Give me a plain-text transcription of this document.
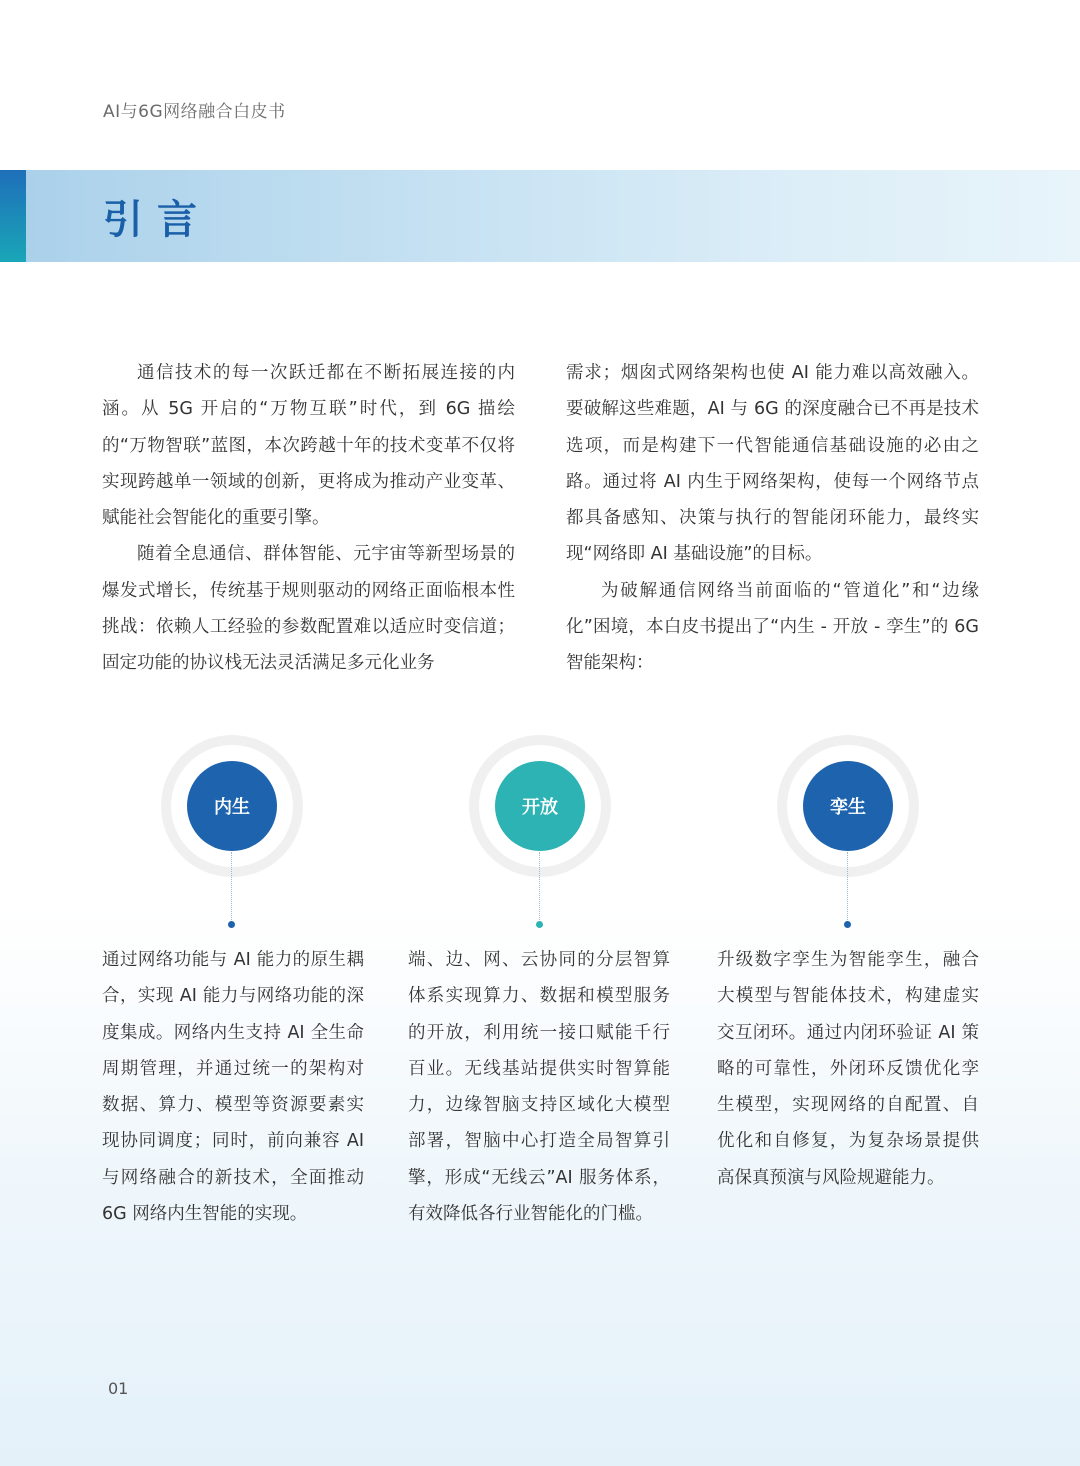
AI与6G网络融合白皮书
引言

通信技术的每一次跃迁都在不断拓展连接的内涵。从 5G 开启的“万物互联”时代，到 6G 描绘的“万物智联”蓝图，本次跨越十年的技术变革不仅将实现跨越单一领域的创新，更将成为推动产业变革、赋能社会智能化的重要引擎。

随着全息通信、群体智能、元宇宙等新型场景的爆发式增长，传统基于规则驱动的网络正面临根本性挑战：依赖人工经验的参数配置难以适应时变信道；固定功能的协议栈无法灵活满足多元化业务

需求；烟囱式网络架构也使 AI 能力难以高效融入。要破解这些难题，AI 与 6G 的深度融合已不再是技术选项，而是构建下一代智能通信基础设施的必由之路。通过将 AI 内生于网络架构，使每一个网络节点都具备感知、决策与执行的智能闭环能力，最终实现“网络即 AI 基础设施”的目标。

为破解通信网络当前面临的“管道化”和“边缘化”困境，本白皮书提出了“内生 - 开放 - 孪生”的 6G 智能架构：

内生	开放	孪生
通过网络功能与 AI 能力的原生耦合，实现 AI 能力与网络功能的深度集成。网络内生支持 AI 全生命周期管理，并通过统一的架构对数据、算力、模型等资源要素实现协同调度；同时，前向兼容 AI 与网络融合的新技术，全面推动 6G 网络内生智能的实现。
端、边、网、云协同的分层智算体系实现算力、数据和模型服务的开放，利用统一接口赋能千行百业。无线基站提供实时智算能力，边缘智脑支持区域化大模型部署，智脑中心打造全局智算引擎，形成“无线云”AI 服务体系，有效降低各行业智能化的门槛。
升级数字孪生为智能孪生，融合大模型与智能体技术，构建虚实交互闭环。通过内闭环验证 AI 策略的可靠性，外闭环反馈优化孪生模型，实现网络的自配置、自优化和自修复，为复杂场景提供高保真预演与风险规避能力。
01
